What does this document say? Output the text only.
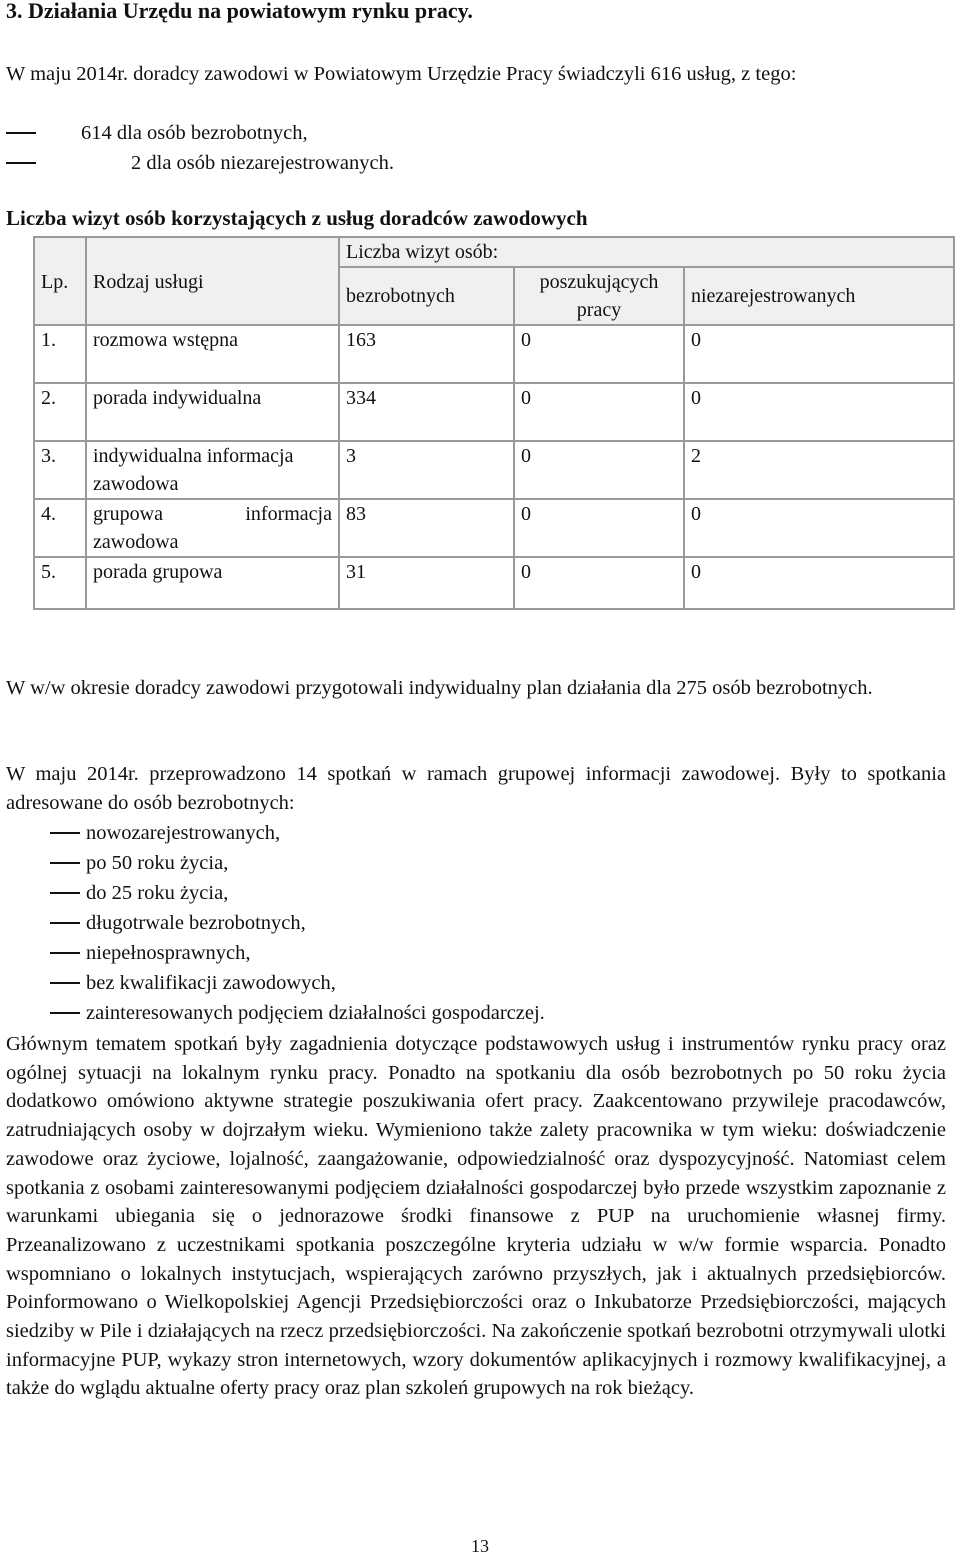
3. Działania Urzędu na powiatowym rynku pracy.

W maju 2014r. doradcy zawodowi w Powiatowym Urzędzie Pracy świadczyli 616 usług, z tego:

614 dla osób bezrobotnych,
2 dla osób niezarejestrowanych.

Liczba wizyt osób korzystających z usług doradców zawodowych

Lp.	Rodzaj usługi	Liczba wizyt osób:		
		bezrobotnych	poszukujących pracy	niezarejestrowanych
1.	rozmowa wstępna	163	0	0
2.	porada indywidualna	334	0	0
3.	indywidualna informacja zawodowa	3	0	2
4.	grupowa informacja zawodowa	83	0	0
5.	porada grupowa	31	0	0

W w/w okresie doradcy zawodowi przygotowali indywidualny plan działania dla 275 osób bezrobotnych.

W maju 2014r. przeprowadzono 14 spotkań w ramach grupowej informacji zawodowej. Były to spotkania adresowane do osób bezrobotnych:

nowozarejestrowanych,
po 50 roku życia,
do 25 roku życia,
długotrwale bezrobotnych,
niepełnosprawnych,
bez kwalifikacji zawodowych,
zainteresowanych podjęciem działalności gospodarczej.

Głównym tematem spotkań były zagadnienia dotyczące podstawowych usług i instrumentów rynku pracy oraz ogólnej sytuacji na lokalnym rynku pracy. Ponadto na spotkaniu dla osób bezrobotnych po 50 roku życia dodatkowo omówiono aktywne strategie poszukiwania ofert pracy. Zaakcentowano przywileje pracodawców, zatrudniających osoby w dojrzałym wieku. Wymieniono także zalety pracownika w tym wieku: doświadczenie zawodowe oraz życiowe, lojalność, zaangażowanie, odpowiedzialność oraz dyspozycyjność. Natomiast celem spotkania z osobami zainteresowanymi podjęciem działalności gospodarczej było przede wszystkim zapoznanie z warunkami ubiegania się o jednorazowe środki finansowe z PUP na uruchomienie własnej firmy. Przeanalizowano z uczestnikami spotkania poszczególne kryteria udziału w w/w formie wsparcia. Ponadto wspomniano o lokalnych instytucjach, wspierających zarówno przyszłych, jak i aktualnych przedsiębiorców. Poinformowano o Wielkopolskiej Agencji Przedsiębiorczości oraz o Inkubatorze Przedsiębiorczości, mających siedziby w Pile i działających na rzecz przedsiębiorczości. Na zakończenie spotkań bezrobotni otrzymywali ulotki informacyjne PUP, wykazy stron internetowych, wzory dokumentów aplikacyjnych i rozmowy kwalifikacyjnej, a także do wglądu aktualne oferty pracy oraz plan szkoleń grupowych na rok bieżący.

13
